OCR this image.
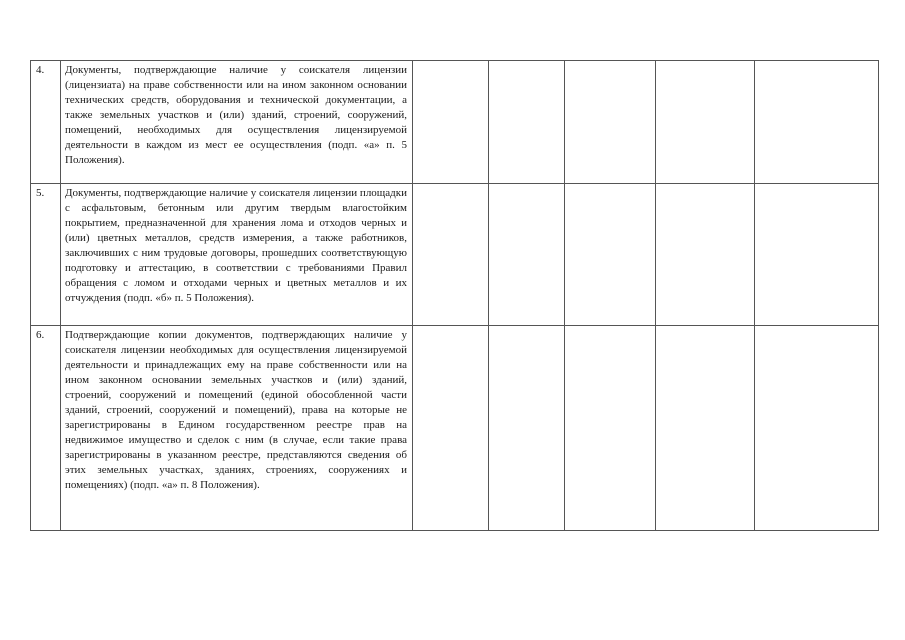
4.	Документы, подтверждающие наличие у соискателя лицензии (лицензиата) на праве собственности или на ином законном основании технических средств, оборудования и технической документации, а также земельных участков и (или) зданий, строений, сооружений, помещений, необходимых для осуществления лицензируемой деятельности в каждом из мест ее осуществления (подп. «а» п. 5 Положения).					
5.	Документы, подтверждающие наличие у соискателя лицензии площадки с асфальтовым, бетонным или другим твердым влагостойким покрытием, предназначенной для хранения лома и отходов черных и (или) цветных металлов, средств измерения, а также работников, заключивших с ним трудовые договоры, прошедших соответствующую подготовку и аттестацию, в соответствии с требованиями Правил обращения с ломом и отходами черных и цветных металлов и их отчуждения (подп. «б» п. 5 Положения).					
6.	Подтверждающие копии документов, подтверждающих наличие у соискателя лицензии необходимых для осуществления лицензируемой деятельности и принадлежащих ему на праве собственности или на ином законном основании земельных участков и (или) зданий, строений, сооружений и помещений (единой обособленной части зданий, строений, сооружений и помещений), права на которые не зарегистрированы в Едином государственном реестре прав на недвижимое имущество и сделок с ним (в случае, если такие права зарегистрированы в указанном реестре, представляются сведения об этих земельных участках, зданиях, строениях, сооружениях и помещениях) (подп. «а» п. 8 Положения).					
